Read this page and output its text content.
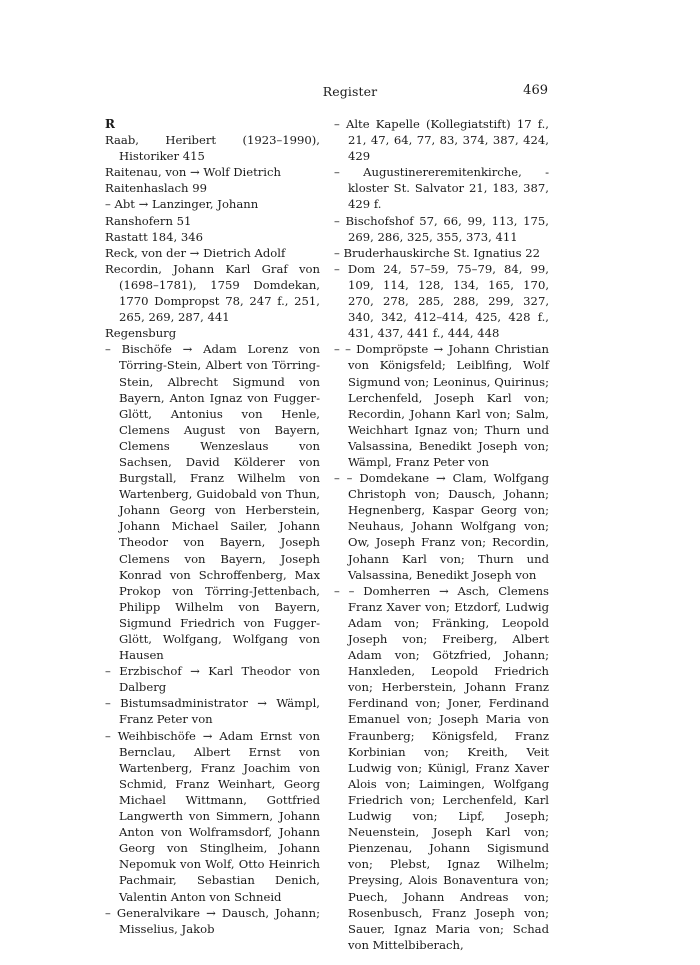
Register	469

R

Raab, Heribert (1923–1990), Historiker 415

Raitenau, von → Wolf Dietrich

Raitenhaslach 99

– Abt → Lanzinger, Johann

Ranshofern 51

Rastatt 184, 346

Reck, von der → Dietrich Adolf

Recordin, Johann Karl Graf von (1698–1781), 1759 Domdekan, 1770 Dompropst 78, 247 f., 251, 265, 269, 287, 441

Regensburg

– Bischöfe → Adam Lorenz von Törring-Stein, Albert von Törring-Stein, Albrecht Sigmund von Bayern, Anton Ignaz von Fugger-Glött, Antonius von Henle, Clemens August von Bayern, Clemens Wenzeslaus von Sachsen, David Kölderer von Burgstall, Franz Wilhelm von Wartenberg, Guidobald von Thun, Johann Georg von Herberstein, Johann Michael Sailer, Johann Theodor von Bayern, Joseph Clemens von Bayern, Joseph Konrad von Schroffenberg, Max Prokop von Törring-Jettenbach, Philipp Wilhelm von Bayern, Sigmund Friedrich von Fugger-Glött, Wolfgang, Wolfgang von Hausen

– Erzbischof → Karl Theodor von Dalberg

– Bistumsadministrator → Wämpl, Franz Peter von

– Weihbischöfe → Adam Ernst von Bernclau, Albert Ernst von Wartenberg, Franz Joachim von Schmid, Franz Weinhart, Georg Michael Wittmann, Gottfried Langwerth von Simmern, Johann Anton von Wolframsdorf, Johann Georg von Stinglheim, Johann Nepomuk von Wolf, Otto Heinrich Pachmair, Sebastian Denich, Valentin Anton von Schneid

– Generalvikare → Dausch, Johann; Misselius, Jakob

– Alte Kapelle (Kollegiatstift) 17 f., 21, 47, 64, 77, 83, 374, 387, 424, 429

– Augustinereremitenkirche, -kloster St. Salvator 21, 183, 387, 429 f.

– Bischofshof 57, 66, 99, 113, 175, 269, 286, 325, 355, 373, 411

– Bruderhauskirche St. Ignatius 22

– Dom 24, 57–59, 75–79, 84, 99, 109, 114, 128, 134, 165, 170, 270, 278, 285, 288, 299, 327, 340, 342, 412–414, 425, 428 f., 431, 437, 441 f., 444, 448

– – Dompröpste → Johann Christian von Königsfeld; Leiblfing, Wolf Sigmund von; Leoninus, Quirinus; Lerchenfeld, Joseph Karl von; Recordin, Johann Karl von; Salm, Weichhart Ignaz von; Thurn und Valsassina, Benedikt Joseph von; Wämpl, Franz Peter von

– – Domdekane → Clam, Wolfgang Christoph von; Dausch, Johann; Hegnenberg, Kaspar Georg von; Neuhaus, Johann Wolfgang von; Ow, Joseph Franz von; Recordin, Johann Karl von; Thurn und Valsassina, Benedikt Joseph von

– – Domherren → Asch, Clemens Franz Xaver von; Etzdorf, Ludwig Adam von; Fränking, Leopold Joseph von; Freiberg, Albert Adam von; Götzfried, Johann; Hanxleden, Leopold Friedrich von; Herberstein, Johann Franz Ferdinand von; Joner, Ferdinand Emanuel von; Joseph Maria von Fraunberg; Königsfeld, Franz Korbinian von; Kreith, Veit Ludwig von; Künigl, Franz Xaver Alois von; Laimingen, Wolfgang Friedrich von; Lerchenfeld, Karl Ludwig von; Lipf, Joseph; Neuenstein, Joseph Karl von; Pienzenau, Johann Sigismund von; Plebst, Ignaz Wilhelm; Preysing, Alois Bonaventura von; Puech, Johann Andreas von; Rosenbusch, Franz Joseph von; Sauer, Ignaz Maria von; Schad von Mittelbiberach,
